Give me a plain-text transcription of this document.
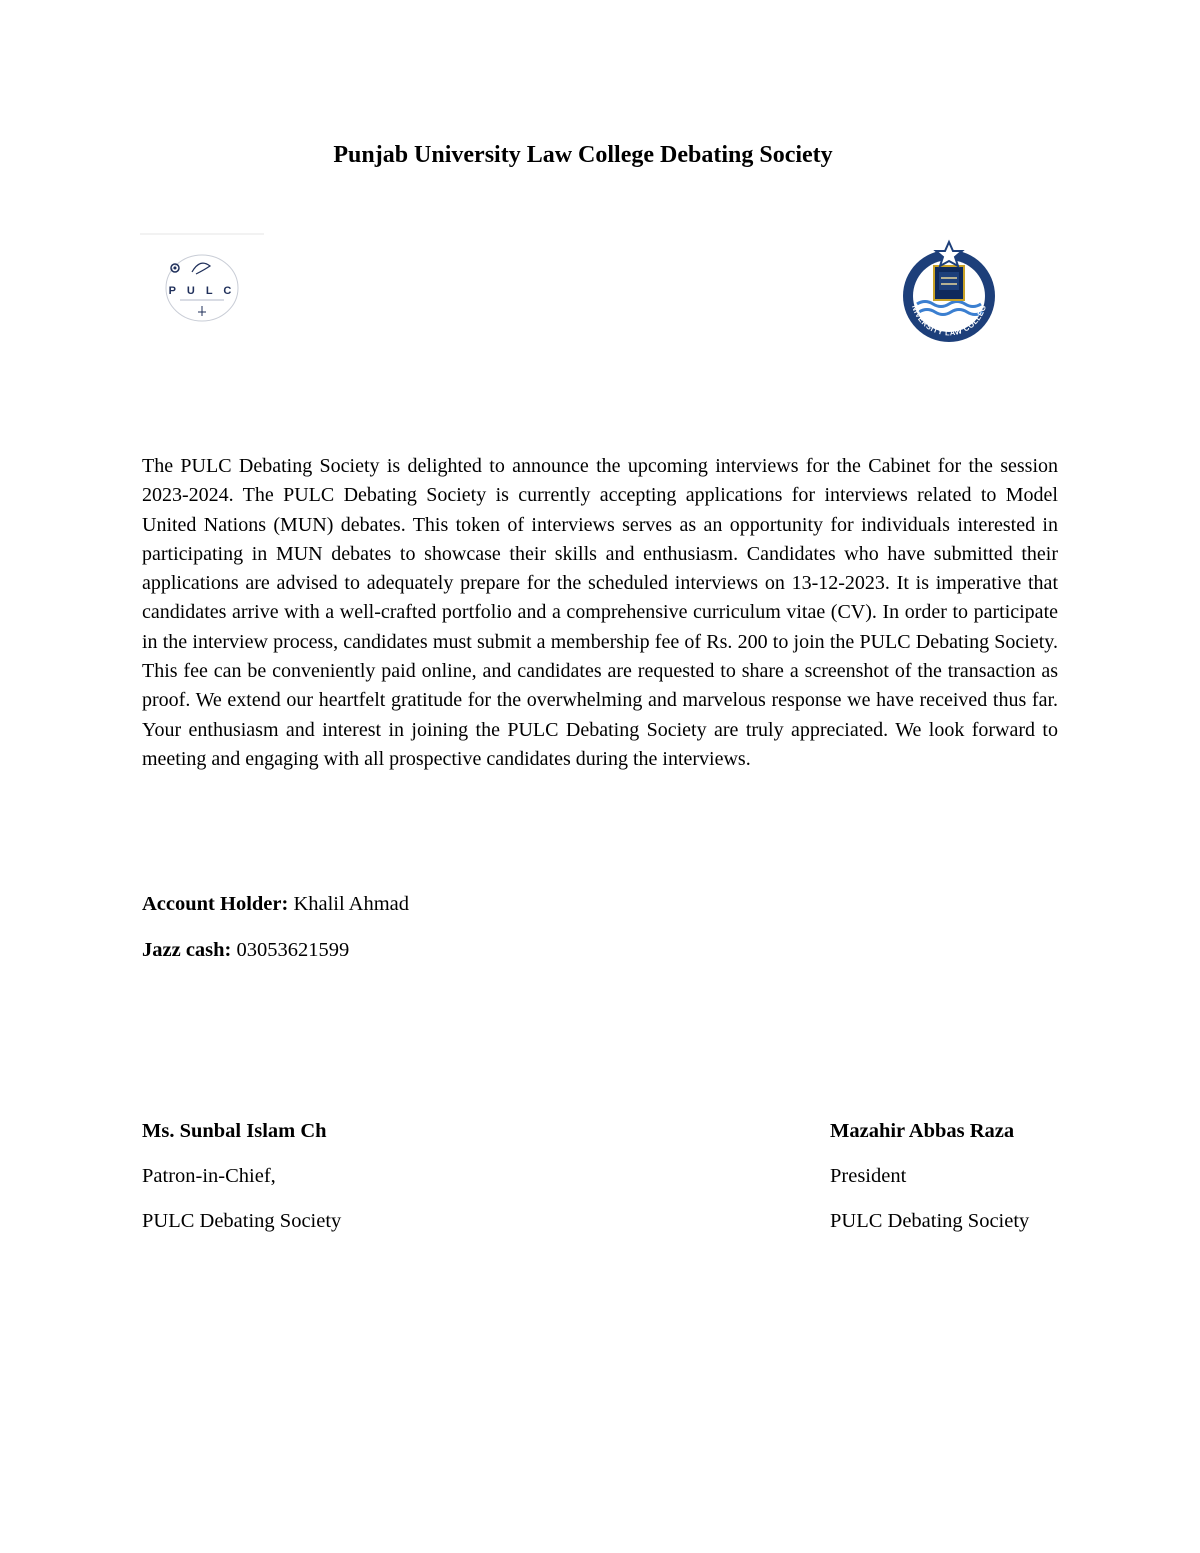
Punjab University Law College Debating Society
P U L C
NIVERSITY LAW COLLEG

The PULC Debating Society is delighted to announce the upcoming interviews for the Cabinet for the session 2023-2024. The PULC Debating Society is currently accepting applications for interviews related to Model United Nations (MUN) debates. This token of interviews serves as an opportunity for individuals interested in participating in MUN debates to showcase their skills and enthusiasm. Candidates who have submitted their applications are advised to adequately prepare for the scheduled interviews on 13-12-2023. It is imperative that candidates arrive with a well-crafted portfolio and a comprehensive curriculum vitae (CV). In order to participate in the interview process, candidates must submit a membership fee of Rs. 200 to join the PULC Debating Society. This fee can be conveniently paid online, and candidates are requested to share a screenshot of the transaction as proof. We extend our heartfelt gratitude for the overwhelming and marvelous response we have received thus far. Your enthusiasm and interest in joining the PULC Debating Society are truly appreciated. We look forward to meeting and engaging with all prospective candidates during the interviews.

Account Holder: Khalil Ahmad
Jazz cash: 03053621599
Ms. Sunbal Islam Ch
Patron-in-Chief,
PULC Debating Society
Mazahir Abbas Raza
President
PULC Debating Society
